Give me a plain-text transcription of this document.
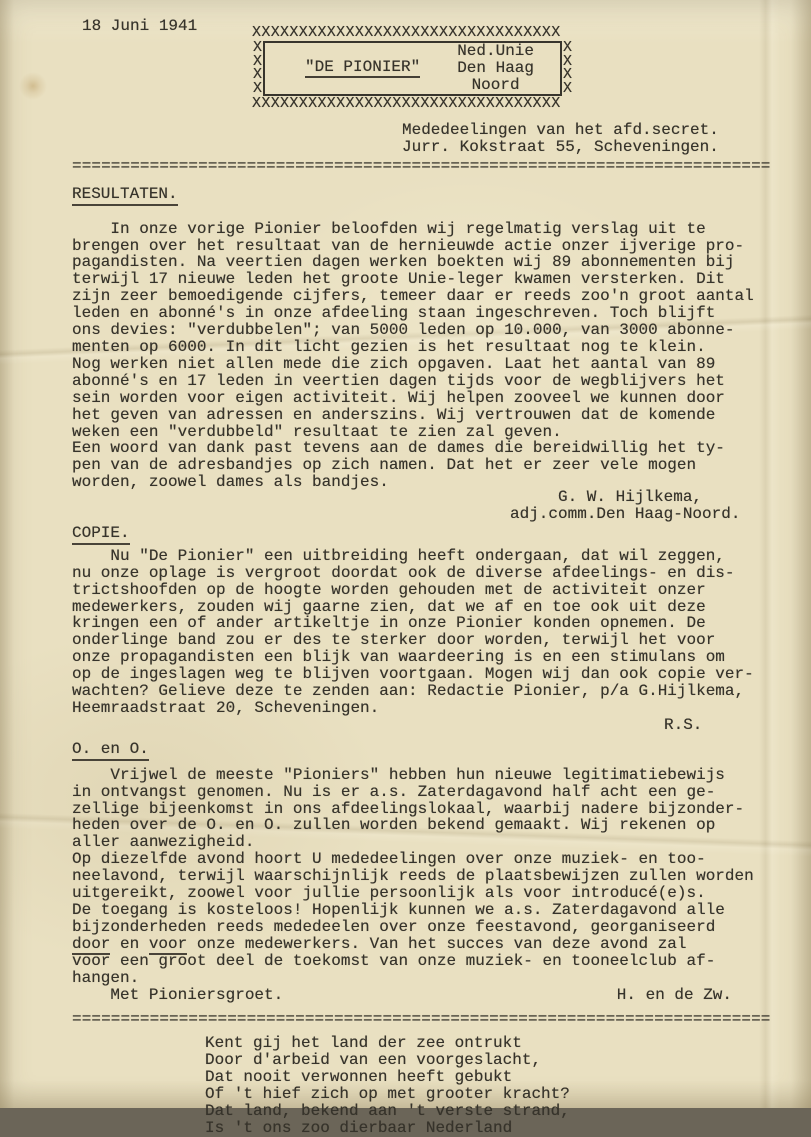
18 Juni 1941	XXXXXXXXXXXXXXXXXXXXXXXXXXXXXXXXX
XXXX
"DE PIONIER"
Ned.Unie
Den Haag
Noord
XXXX
XXXXXXXXXXXXXXXXXXXXXXXXXXXXXXXXX
Mededeelingen van het afd.secret.
Jurr. Kokstraat 55, Scheveningen.
========================================================================
RESULTATEN.
In onze vorige Pionier beloofden wij regelmatig verslag uit te
brengen over het resultaat van de hernieuwde actie onzer ijverige pro-
pagandisten. Na veertien dagen werken boekten wij 89 abonnementen bij
terwijl 17 nieuwe leden het groote Unie-leger kwamen versterken. Dit
zijn zeer bemoedigende cijfers, temeer daar er reeds zoo'n groot aantal
leden en abonné's in onze afdeeling staan ingeschreven. Toch blijft
ons devies: "verdubbelen"; van 5000 leden op 10.000, van 3000 abonne-
menten op 6000. In dit licht gezien is het resultaat nog te klein.
Nog werken niet allen mede die zich opgaven. Laat het aantal van 89
abonné's en 17 leden in veertien dagen tijds voor de wegblijvers het
sein worden voor eigen activiteit. Wij helpen zooveel we kunnen door
het geven van adressen en anderszins. Wij vertrouwen dat de komende
weken een "verdubbeld" resultaat te zien zal geven.
Een woord van dank past tevens aan de dames die bereidwillig het ty-
pen van de adresbandjes op zich namen. Dat het er zeer vele mogen
worden, zoowel dames als bandjes.
G. W. Hijlkema,
adj.comm.Den Haag-Noord.
COPIE.
Nu "De Pionier" een uitbreiding heeft ondergaan, dat wil zeggen,
nu onze oplage is vergroot doordat ook de diverse afdeelings- en dis-
trictshoofden op de hoogte worden gehouden met de activiteit onzer
medewerkers, zouden wij gaarne zien, dat we af en toe ook uit deze
kringen een of ander artikeltje in onze Pionier konden opnemen. De
onderlinge band zou er des te sterker door worden, terwijl het voor
onze propagandisten een blijk van waardeering is en een stimulans om
op de ingeslagen weg te blijven voortgaan. Mogen wij dan ook copie ver-
wachten? Gelieve deze te zenden aan: Redactie Pionier, p/a G.Hijlkema,
Heemraadstraat 20, Scheveningen.
R.S.
O. en O.
Vrijwel de meeste "Pioniers" hebben hun nieuwe legitimatiebewijs
in ontvangst genomen. Nu is er a.s. Zaterdagavond half acht een ge-
zellige bijeenkomst in ons afdeelingslokaal, waarbij nadere bijzonder-
heden over de O. en O. zullen worden bekend gemaakt. Wij rekenen op
aller aanwezigheid.
Op diezelfde avond hoort U mededeelingen over onze muziek- en too-
neelavond, terwijl waarschijnlijk reeds de plaatsbewijzen zullen worden
uitgereikt, zoowel voor jullie persoonlijk als voor introducé(e)s.
De toegang is kosteloos! Hopenlijk kunnen we a.s. Zaterdagavond alle
bijzonderheden reeds mededeelen over onze feestavond, georganiseerd
door en voor onze medewerkers. Van het succes van deze avond zal
voor een groot deel de toekomst van onze muziek- en tooneelclub af-
hangen.
Met Pioniersgroet.	H. en de Zw.
========================================================================
Kent gij het land der zee ontrukt
Door d'arbeid van een voorgeslacht,
Dat nooit verwonnen heeft gebukt
Of 't hief zich op met grooter kracht?
Dat land, bekend aan 't verste strand,
Is 't ons zoo dierbaar Nederland
